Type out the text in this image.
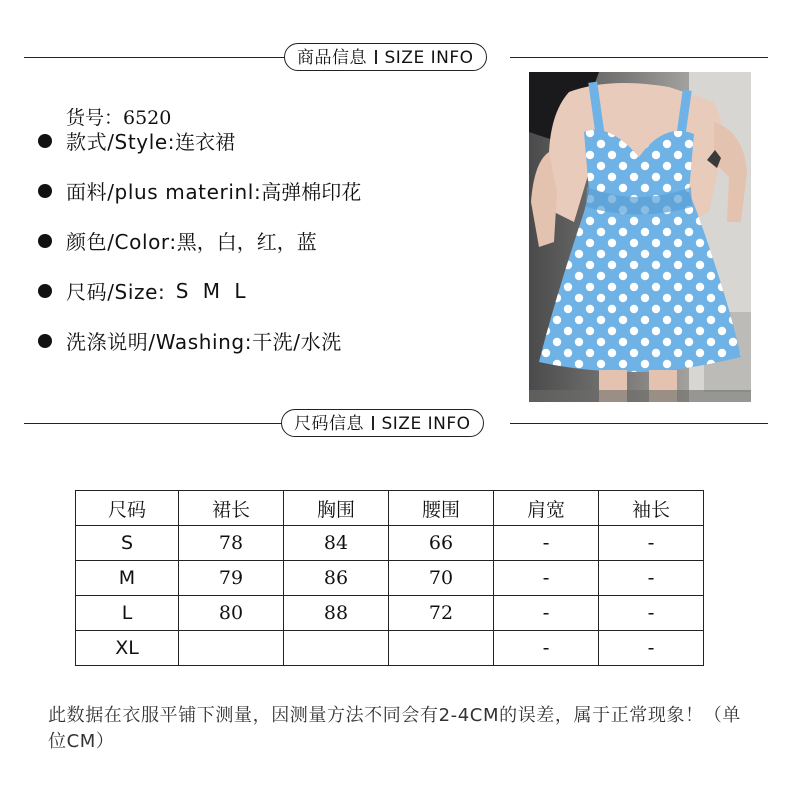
商品信息 SIZE INFO
货号：6520
款式/Style: 连衣裙
面料/plus materinl: 高弹棉印花
颜色/Color: 黑，白，红，蓝
尺码/Size: S M L
洗涤说明/Washing: 干洗/水洗
尺码信息 SIZE INFO
尺码	裙长	胸围	腰围	肩宽	袖长
S	78	84	66	-	-
M	79	86	70	-	-
L	80	88	72	-	-
XL				-	-
此数据在衣服平铺下测量，因测量方法不同会有2-4CM的误差，属于正常现象！（单位CM）
